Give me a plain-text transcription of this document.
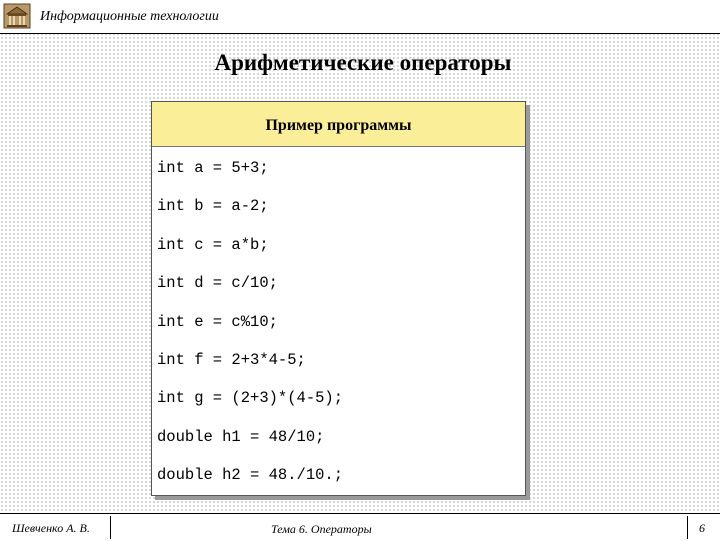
Информационные технологии
Арифметические операторы
Пример программы
int a = 5+3;
int b = a-2;
int c = a*b;
int d = c/10;
int e = c%10;
int f = 2+3*4-5;
int g = (2+3)*(4-5);
double h1 = 48/10;
double h2 = 48./10.;
Шевченко А. В.	Тема 6. Операторы	6
